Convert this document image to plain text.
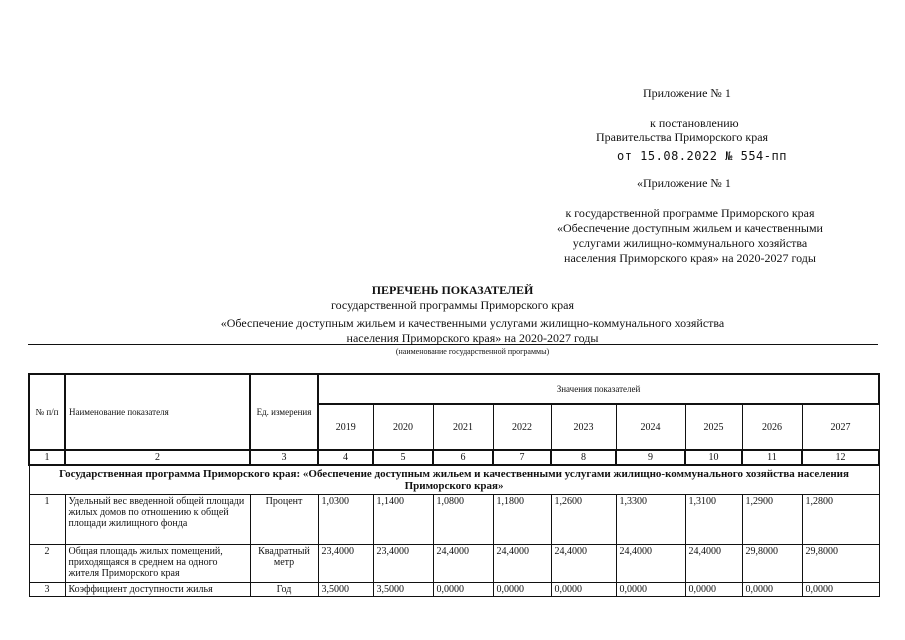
Приложение № 1
к постановлению
Правительства Приморского края
от 15.08.2022 № 554-пп
«Приложение № 1
к государственной программе Приморского края
«Обеспечение доступным жильем и качественными
услугами жилищно-коммунального хозяйства
населения Приморского края» на 2020-2027 годы
ПЕРЕЧЕНЬ ПОКАЗАТЕЛЕЙ
государственной программы Приморского края
«Обеспечение доступным жильем и качественными услугами жилищно-коммунального хозяйства
населения Приморского края» на 2020-2027 годы
(наименование государственной программы)
№ п/п	Наименование показателя	Ед. измерения	Значения показателей								
			2019	2020	2021	2022	2023	2024	2025	2026	2027
1	2	3	4	5	6	7	8	9	10	11	12
Государственная программа Приморского края: «Обеспечение доступным жильем и качественными услугами жилищно-коммунального хозяйства населения Приморского края»											
1	Удельный вес введенной общей площади жилых домов по отношению к общей площади жилищного фонда	Процент	1,0300	1,1400	1,0800	1,1800	1,2600	1,3300	1,3100	1,2900	1,2800
2	Общая площадь жилых помещений, приходящаяся в среднем на одного жителя Приморского края	Квадратный метр	23,4000	23,4000	24,4000	24,4000	24,4000	24,4000	24,4000	29,8000	29,8000
3	Коэффициент доступности жилья	Год	3,5000	3,5000	0,0000	0,0000	0,0000	0,0000	0,0000	0,0000	0,0000
